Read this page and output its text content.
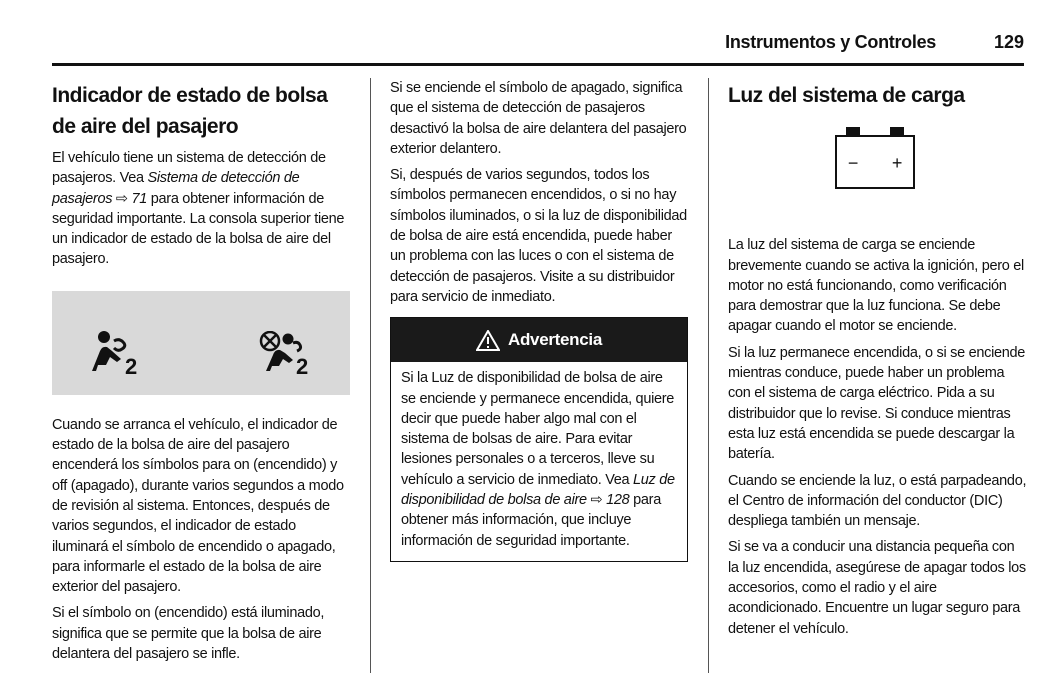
Instrumentos y Controles	129
Indicador de estado de bolsa de aire del pasajero

El vehículo tiene un sistema de detección de pasajeros. Vea Sistema de detección de pasajeros ⇨ 71 para obtener información de seguridad importante. La consola superior tiene un indicador de estado de la bolsa de aire del pasajero.

2	2

Cuando se arranca el vehículo, el indicador de estado de la bolsa de aire del pasajero encenderá los símbolos para on (encendido) y off (apagado), durante varios segundos a modo de revisión al sistema. Entonces, después de varios segundos, el indicador de estado iluminará el símbolo de encendido o apagado, para informarle el estado de la bolsa de aire exterior del pasajero.

Si el símbolo on (encendido) está iluminado, significa que se permite que la bolsa de aire delantera del pasajero se infle.

Si se enciende el símbolo de apagado, significa que el sistema de detección de pasajeros desactivó la bolsa de aire delantera del pasajero exterior delantero.

Si, después de varios segundos, todos los símbolos permanecen encendidos, o si no hay símbolos iluminados, o si la luz de disponibilidad de bolsa de aire está encendida, puede haber un problema con las luces o con el sistema de detección de pasajeros. Visite a su distribuidor para servicio de inmediato.

Advertencia

Si la Luz de disponibilidad de bolsa de aire se enciende y permanece encendida, quiere decir que puede haber algo mal con el sistema de bolsas de aire. Para evitar lesiones personales o a terceros, lleve su vehículo a servicio de inmediato. Vea Luz de disponibilidad de bolsa de aire ⇨ 128 para obtener más información, que incluye información de seguridad importante.

Luz del sistema de carga
− +

La luz del sistema de carga se enciende brevemente cuando se activa la ignición, pero el motor no está funcionando, como verificación para demostrar que la luz funciona. Se debe apagar cuando el motor se enciende.

Si la luz permanece encendida, o si se enciende mientras conduce, puede haber un problema con el sistema de carga eléctrico. Pida a su distribuidor que lo revise. Si conduce mientras esta luz está encendida se puede descargar la batería.

Cuando se enciende la luz, o está parpadeando, el Centro de información del conductor (DIC) despliega también un mensaje.

Si se va a conducir una distancia pequeña con la luz encendida, asegúrese de apagar todos los accesorios, como el radio y el aire acondicionado. Encuentre un lugar seguro para detener el vehículo.
